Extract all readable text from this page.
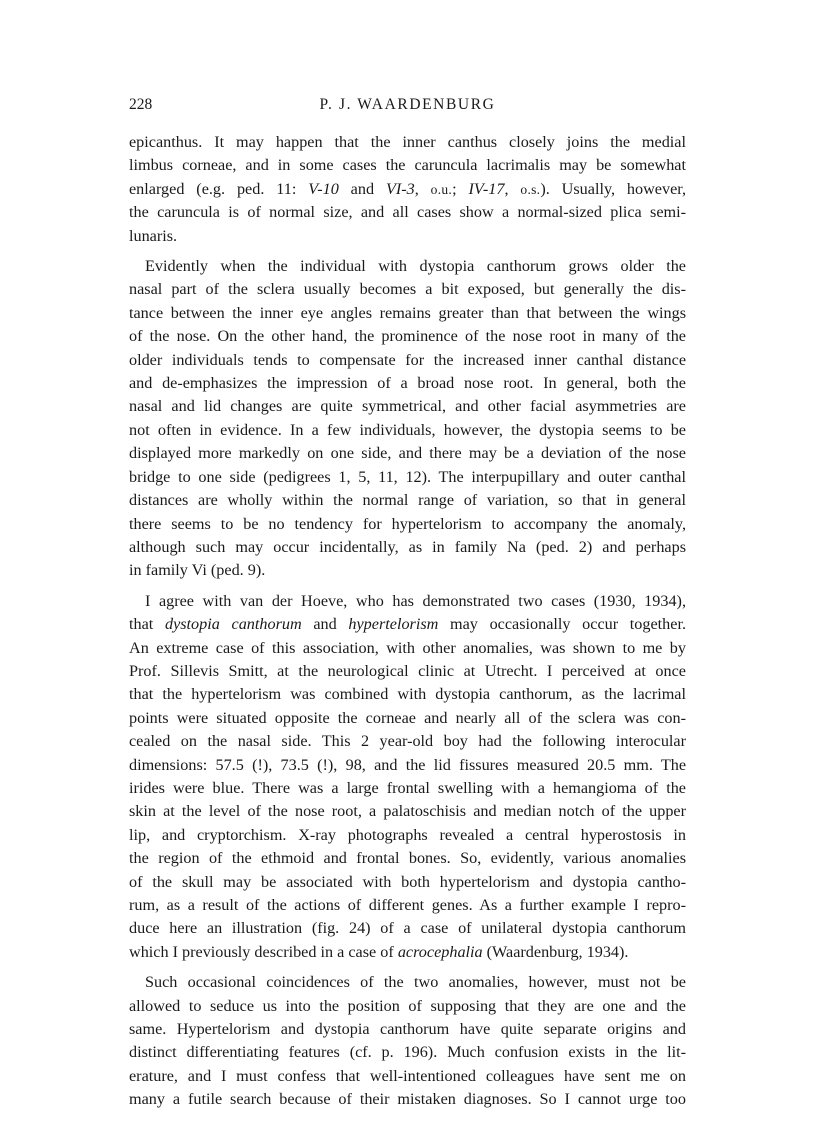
228	P. J. WAARDENBURG

epicanthus. It may happen that the inner canthus closely joins the medial
limbus corneae, and in some cases the caruncula lacrimalis may be somewhat
enlarged (e.g. ped. 11: V-10 and VI-3, o.u.; IV-17, o.s.). Usually, however,
the caruncula is of normal size, and all cases show a normal-sized plica semi-
lunaris.

Evidently when the individual with dystopia canthorum grows older the
nasal part of the sclera usually becomes a bit exposed, but generally the dis-
tance between the inner eye angles remains greater than that between the wings
of the nose. On the other hand, the prominence of the nose root in many of the
older individuals tends to compensate for the increased inner canthal distance
and de-emphasizes the impression of a broad nose root. In general, both the
nasal and lid changes are quite symmetrical, and other facial asymmetries are
not often in evidence. In a few individuals, however, the dystopia seems to be
displayed more markedly on one side, and there may be a deviation of the nose
bridge to one side (pedigrees 1, 5, 11, 12). The interpupillary and outer canthal
distances are wholly within the normal range of variation, so that in general
there seems to be no tendency for hypertelorism to accompany the anomaly,
although such may occur incidentally, as in family Na (ped. 2) and perhaps
in family Vi (ped. 9).

I agree with van der Hoeve, who has demonstrated two cases (1930, 1934),
that dystopia canthorum and hypertelorism may occasionally occur together.
An extreme case of this association, with other anomalies, was shown to me by
Prof. Sillevis Smitt, at the neurological clinic at Utrecht. I perceived at once
that the hypertelorism was combined with dystopia canthorum, as the lacrimal
points were situated opposite the corneae and nearly all of the sclera was con-
cealed on the nasal side. This 2 year-old boy had the following interocular
dimensions: 57.5 (!), 73.5 (!), 98, and the lid fissures measured 20.5 mm. The
irides were blue. There was a large frontal swelling with a hemangioma of the
skin at the level of the nose root, a palatoschisis and median notch of the upper
lip, and cryptorchism. X-ray photographs revealed a central hyperostosis in
the region of the ethmoid and frontal bones. So, evidently, various anomalies
of the skull may be associated with both hypertelorism and dystopia cantho-
rum, as a result of the actions of different genes. As a further example I repro-
duce here an illustration (fig. 24) of a case of unilateral dystopia canthorum
which I previously described in a case of acrocephalia (Waardenburg, 1934).

Such occasional coincidences of the two anomalies, however, must not be
allowed to seduce us into the position of supposing that they are one and the
same. Hypertelorism and dystopia canthorum have quite separate origins and
distinct differentiating features (cf. p. 196). Much confusion exists in the lit-
erature, and I must confess that well-intentioned colleagues have sent me on
many a futile search because of their mistaken diagnoses. So I cannot urge too
